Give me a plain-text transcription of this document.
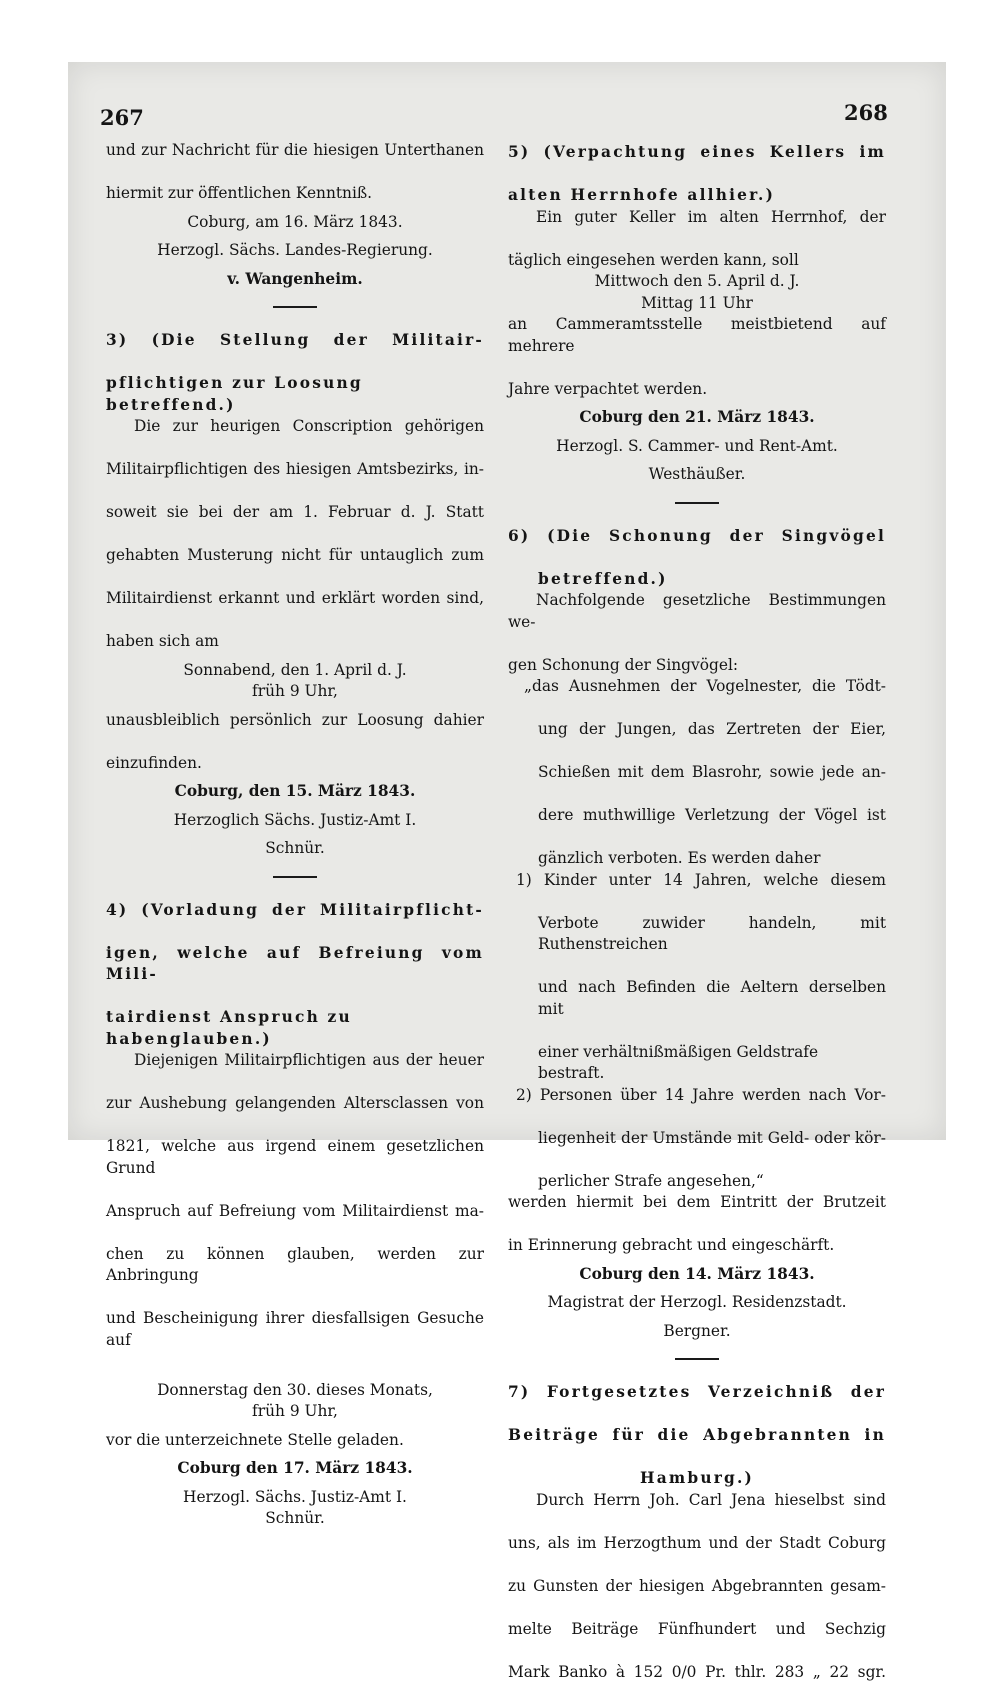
267	268

und zur Nachricht für die hiesigen Unterthanen

hiermit zur öffentlichen Kenntniß.

Coburg, am 16. März 1843.

Herzogl. Sächs. Landes-Regierung.

v. Wangenheim.

3) (Die Stellung der Militair-

pflichtigen zur Loosung betreffend.)

Die zur heurigen Conscription gehörigen

Militairpflichtigen des hiesigen Amtsbezirks, in-

soweit sie bei der am 1. Februar d. J. Statt

gehabten Musterung nicht für untauglich zum

Militairdienst erkannt und erklärt worden sind,

haben sich am

Sonnabend, den 1. April d. J.

früh 9 Uhr,

unausbleiblich persönlich zur Loosung dahier

einzufinden.

Coburg, den 15. März 1843.

Herzoglich Sächs. Justiz-Amt I.

Schnür.

4) (Vorladung der Militairpflicht-

igen, welche auf Befreiung vom Mili-

tairdienst Anspruch zu habenglauben.)

Diejenigen Militairpflichtigen aus der heuer

zur Aushebung gelangenden Altersclassen von

1821, welche aus irgend einem gesetzlichen Grund

Anspruch auf Befreiung vom Militairdienst ma-

chen zu können glauben, werden zur Anbringung

und Bescheinigung ihrer diesfallsigen Gesuche auf

Donnerstag den 30. dieses Monats,

früh 9 Uhr,

vor die unterzeichnete Stelle geladen.

Coburg den 17. März 1843.

Herzogl. Sächs. Justiz-Amt I.

Schnür.

5) (Verpachtung eines Kellers im

alten Herrnhofe allhier.)

Ein guter Keller im alten Herrnhof, der

täglich eingesehen werden kann, soll

Mittwoch den 5. April d. J.

Mittag 11 Uhr

an Cammeramtsstelle meistbietend auf mehrere

Jahre verpachtet werden.

Coburg den 21. März 1843.

Herzogl. S. Cammer- und Rent-Amt.

Westhäußer.

6) (Die Schonung der Singvögel

betreffend.)

Nachfolgende gesetzliche Bestimmungen we-

gen Schonung der Singvögel:

„das Ausnehmen der Vogelnester, die Tödt-

ung der Jungen, das Zertreten der Eier,

Schießen mit dem Blasrohr, sowie jede an-

dere muthwillige Verletzung der Vögel ist

gänzlich verboten. Es werden daher

1) Kinder unter 14 Jahren, welche diesem

Verbote zuwider handeln, mit Ruthenstreichen

und nach Befinden die Aeltern derselben mit

einer verhältnißmäßigen Geldstrafe bestraft.

2) Personen über 14 Jahre werden nach Vor-

liegenheit der Umstände mit Geld- oder kör-

perlicher Strafe angesehen,“

werden hiermit bei dem Eintritt der Brutzeit

in Erinnerung gebracht und eingeschärft.

Coburg den 14. März 1843.

Magistrat der Herzogl. Residenzstadt.

Bergner.

7) Fortgesetztes Verzeichniß der

Beiträge für die Abgebrannten in

Hamburg.)

Durch Herrn Joh. Carl Jena hieselbst sind

uns, als im Herzogthum und der Stadt Coburg

zu Gunsten der hiesigen Abgebrannten gesam-

melte Beiträge Fünfhundert und Sechzig

Mark Banko à 152 0/0 Pr. thlr. 283 „ 22 sgr.
